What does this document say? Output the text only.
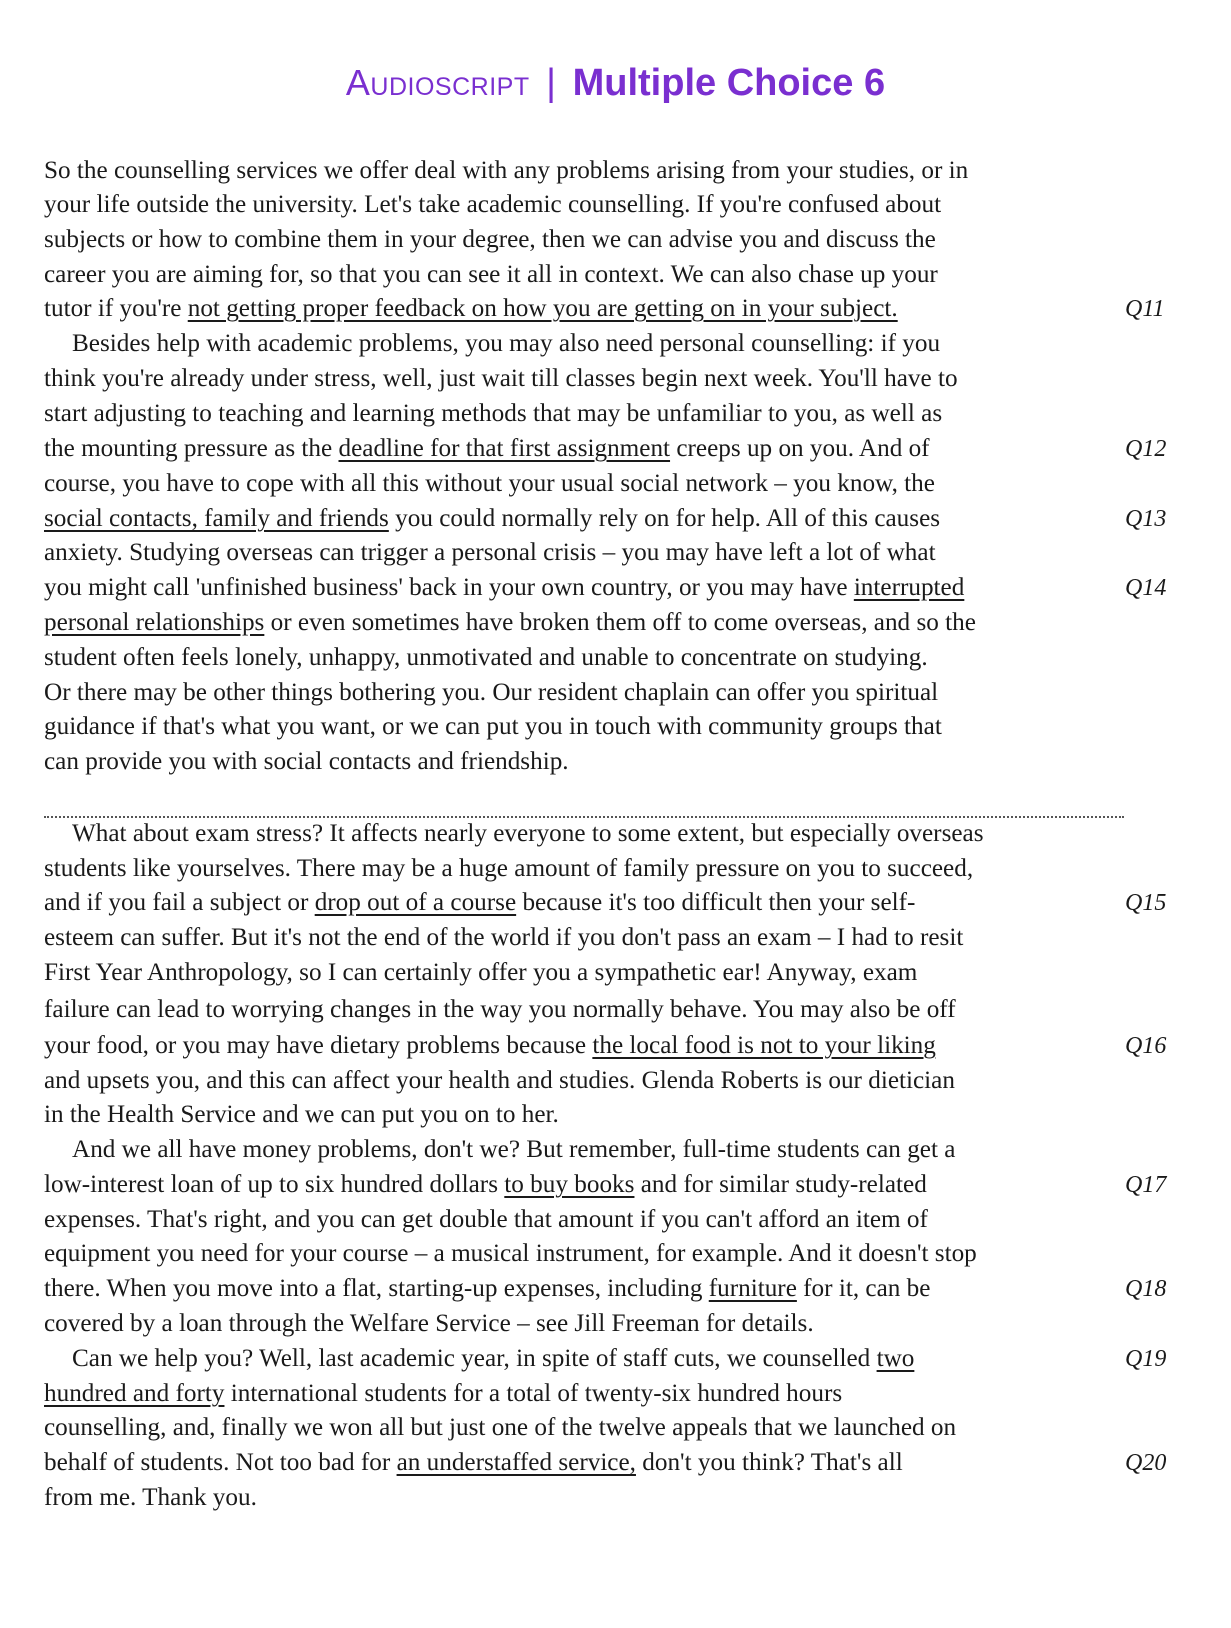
Audioscript | Multiple Choice 6
So the counselling services we offer deal with any problems arising from your studies, or in
your life outside the university. Let's take academic counselling. If you're confused about
subjects or how to combine them in your degree, then we can advise you and discuss the
career you are aiming for, so that you can see it all in context. We can also chase up your
tutor if you're not getting proper feedback on how you are getting on in your subject.	Q11
Besides help with academic problems, you may also need personal counselling: if you
think you're already under stress, well, just wait till classes begin next week. You'll have to
start adjusting to teaching and learning methods that may be unfamiliar to you, as well as
the mounting pressure as the deadline for that first assignment creeps up on you. And of	Q12
course, you have to cope with all this without your usual social network – you know, the
social contacts, family and friends you could normally rely on for help. All of this causes	Q13
anxiety. Studying overseas can trigger a personal crisis – you may have left a lot of what
you might call 'unfinished business' back in your own country, or you may have interrupted	Q14
personal relationships or even sometimes have broken them off to come overseas, and so the
student often feels lonely, unhappy, unmotivated and unable to concentrate on studying.
Or there may be other things bothering you. Our resident chaplain can offer you spiritual
guidance if that's what you want, or we can put you in touch with community groups that
can provide you with social contacts and friendship.
What about exam stress? It affects nearly everyone to some extent, but especially overseas
students like yourselves. There may be a huge amount of family pressure on you to succeed,
and if you fail a subject or drop out of a course because it's too difficult then your self-	Q15
esteem can suffer. But it's not the end of the world if you don't pass an exam – I had to resit
First Year Anthropology, so I can certainly offer you a sympathetic ear! Anyway, exam
failure can lead to worrying changes in the way you normally behave. You may also be off
your food, or you may have dietary problems because the local food is not to your liking	Q16
and upsets you, and this can affect your health and studies. Glenda Roberts is our dietician
in the Health Service and we can put you on to her.
And we all have money problems, don't we? But remember, full-time students can get a
low-interest loan of up to six hundred dollars to buy books and for similar study-related	Q17
expenses. That's right, and you can get double that amount if you can't afford an item of
equipment you need for your course – a musical instrument, for example. And it doesn't stop
there. When you move into a flat, starting-up expenses, including furniture for it, can be	Q18
covered by a loan through the Welfare Service – see Jill Freeman for details.
Can we help you? Well, last academic year, in spite of staff cuts, we counselled two	Q19
hundred and forty international students for a total of twenty-six hundred hours
counselling, and, finally we won all but just one of the twelve appeals that we launched on
behalf of students. Not too bad for an understaffed service, don't you think? That's all	Q20
from me. Thank you.
